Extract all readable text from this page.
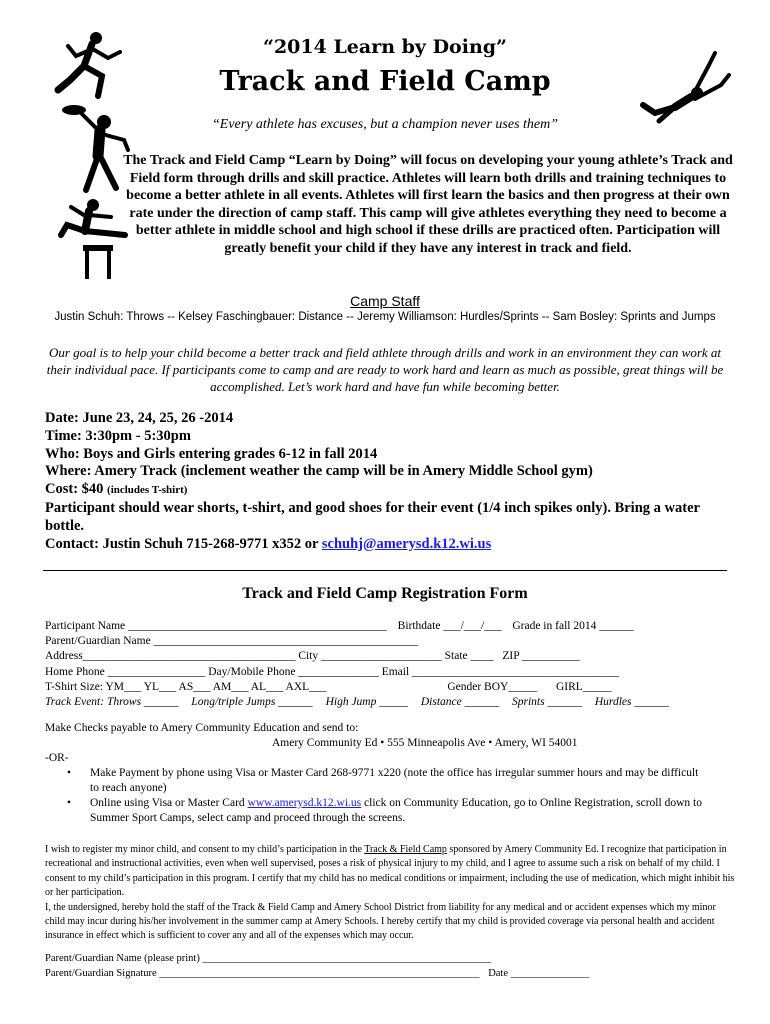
“2014 Learn by Doing”
Track and Field Camp
“Every athlete has excuses, but a champion never uses them”
The Track and Field Camp “Learn by Doing” will focus on developing your young athlete’s Track and Field form through drills and skill practice. Athletes will learn both drills and training techniques to become a better athlete in all events. Athletes will first learn the basics and then progress at their own rate under the direction of camp staff. This camp will give athletes everything they need to become a better athlete in middle school and high school if these drills are practiced often. Participation will greatly benefit your child if they have any interest in track and field.
Camp Staff
Justin Schuh: Throws -- Kelsey Faschingbauer: Distance -- Jeremy Williamson: Hurdles/Sprints -- Sam Bosley: Sprints and Jumps
Our goal is to help your child become a better track and field athlete through drills and work in an environment they can work at their individual pace. If participants come to camp and are ready to work hard and learn as much as possible, great things will be accomplished. Let’s work hard and have fun while becoming better.
Date: June 23, 24, 25, 26 -2014
Time: 3:30pm - 5:30pm
Who: Boys and Girls entering grades 6-12 in fall 2014
Where: Amery Track (inclement weather the camp will be in Amery Middle School gym)
Cost: $40 (includes T-shirt)
Participant should wear shorts, t-shirt, and good shoes for their event (1/4 inch spikes only). Bring a water bottle.
Contact: Justin Schuh 715-268-9771 x352 or schuhj@amerysd.k12.wi.us
Track and Field Camp Registration Form
Participant Name _____________________________________________ Birthdate ___/___/___ Grade in fall 2014 ______
Parent/Guardian Name ______________________________________________
Address_____________________________________ City _____________________ State ____ ZIP __________
Home Phone _________________ Day/Mobile Phone ______________ Email ____________________________________
T-Shirt Size: YM___ YL___ AS___ AM___ AL___ AXL___	Gender BOY_____ GIRL_____
Track Event: Throws ______ Long/triple Jumps ______ High Jump _____ Distance ______ Sprints ______ Hurdles ______
Make Checks payable to Amery Community Education and send to:
Amery Community Ed • 555 Minneapolis Ave • Amery, WI 54001
-OR-
• Make Payment by phone using Visa or Master Card 268-9771 x220 (note the office has irregular summer hours and may be difficult to reach anyone)
• Online using Visa or Master Card www.amerysd.k12.wi.us click on Community Education, go to Online Registration, scroll down to Summer Sport Camps, select camp and proceed through the screens.
I wish to register my minor child, and consent to my child’s participation in the Track & Field Camp sponsored by Amery Community Ed. I recognize that participation in recreational and instructional activities, even when well supervised, poses a risk of physical injury to my child, and I agree to assume such a risk on behalf of my child. I consent to my child’s participation in this program. I certify that my child has no medical conditions or impairment, including the use of medication, which might inhibit his or her participation.
I, the undersigned, hereby hold the staff of the Track & Field Camp and Amery School District from liability for any medical and or accident expenses which my minor child may incur during his/her involvement in the summer camp at Amery Schools. I hereby certify that my child is provided coverage via personal health and accident insurance in effect which is sufficient to cover any and all of the expenses which may occur.
Parent/Guardian Name (please print) _______________________________________________________
Parent/Guardian Signature _____________________________________________________________ Date _______________
